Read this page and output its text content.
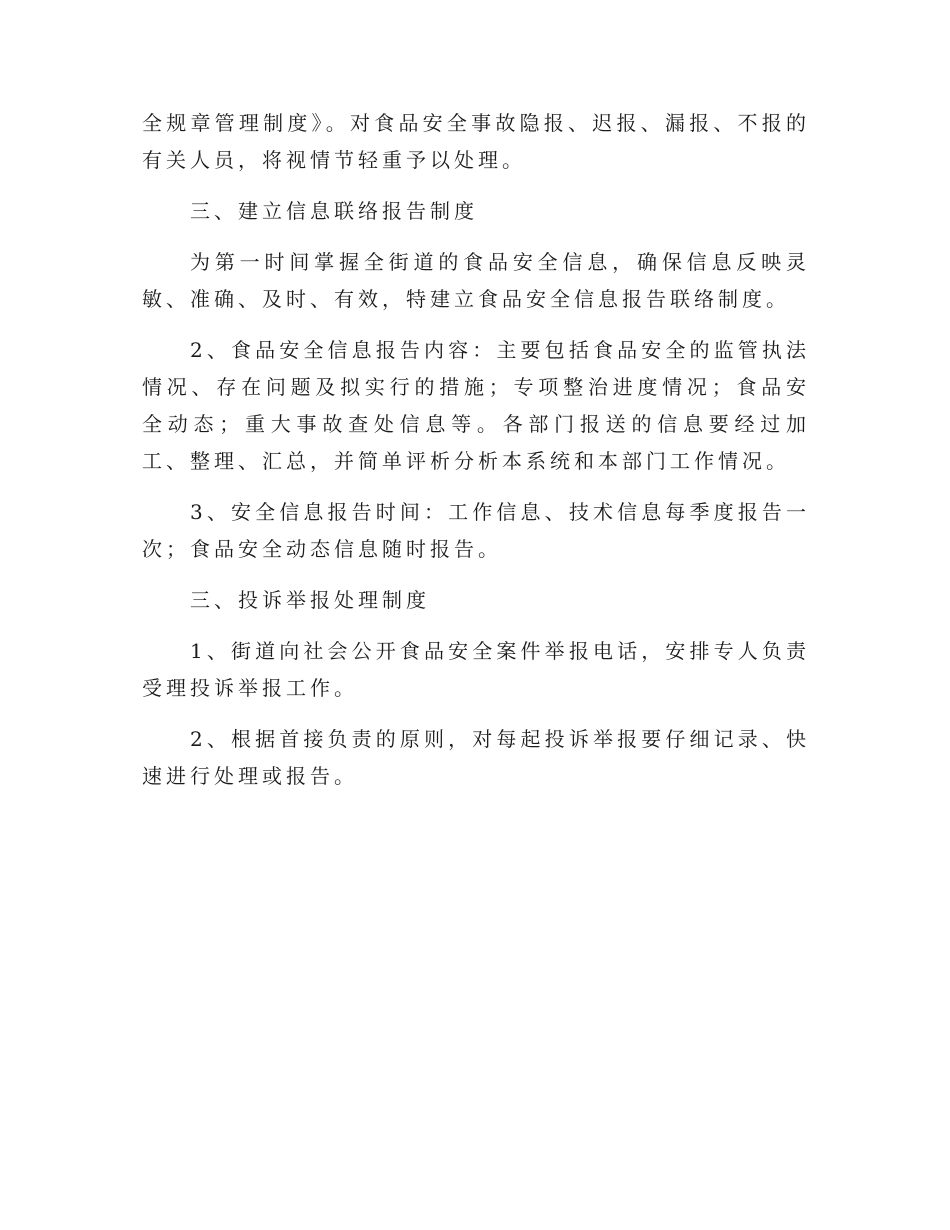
全规章管理制度》。对食品安全事故隐报、迟报、漏报、不报的有关人员，将视情节轻重予以处理。

三、建立信息联络报告制度

为第一时间掌握全街道的食品安全信息，确保信息反映灵敏、准确、及时、有效，特建立食品安全信息报告联络制度。

2、食品安全信息报告内容：主要包括食品安全的监管执法情况、存在问题及拟实行的措施；专项整治进度情况；食品安全动态；重大事故查处信息等。各部门报送的信息要经过加工、整理、汇总，并简单评析分析本系统和本部门工作情况。

3、安全信息报告时间：工作信息、技术信息每季度报告一次；食品安全动态信息随时报告。

三、投诉举报处理制度

1、街道向社会公开食品安全案件举报电话，安排专人负责受理投诉举报工作。

2、根据首接负责的原则，对每起投诉举报要仔细记录、快速进行处理或报告。
